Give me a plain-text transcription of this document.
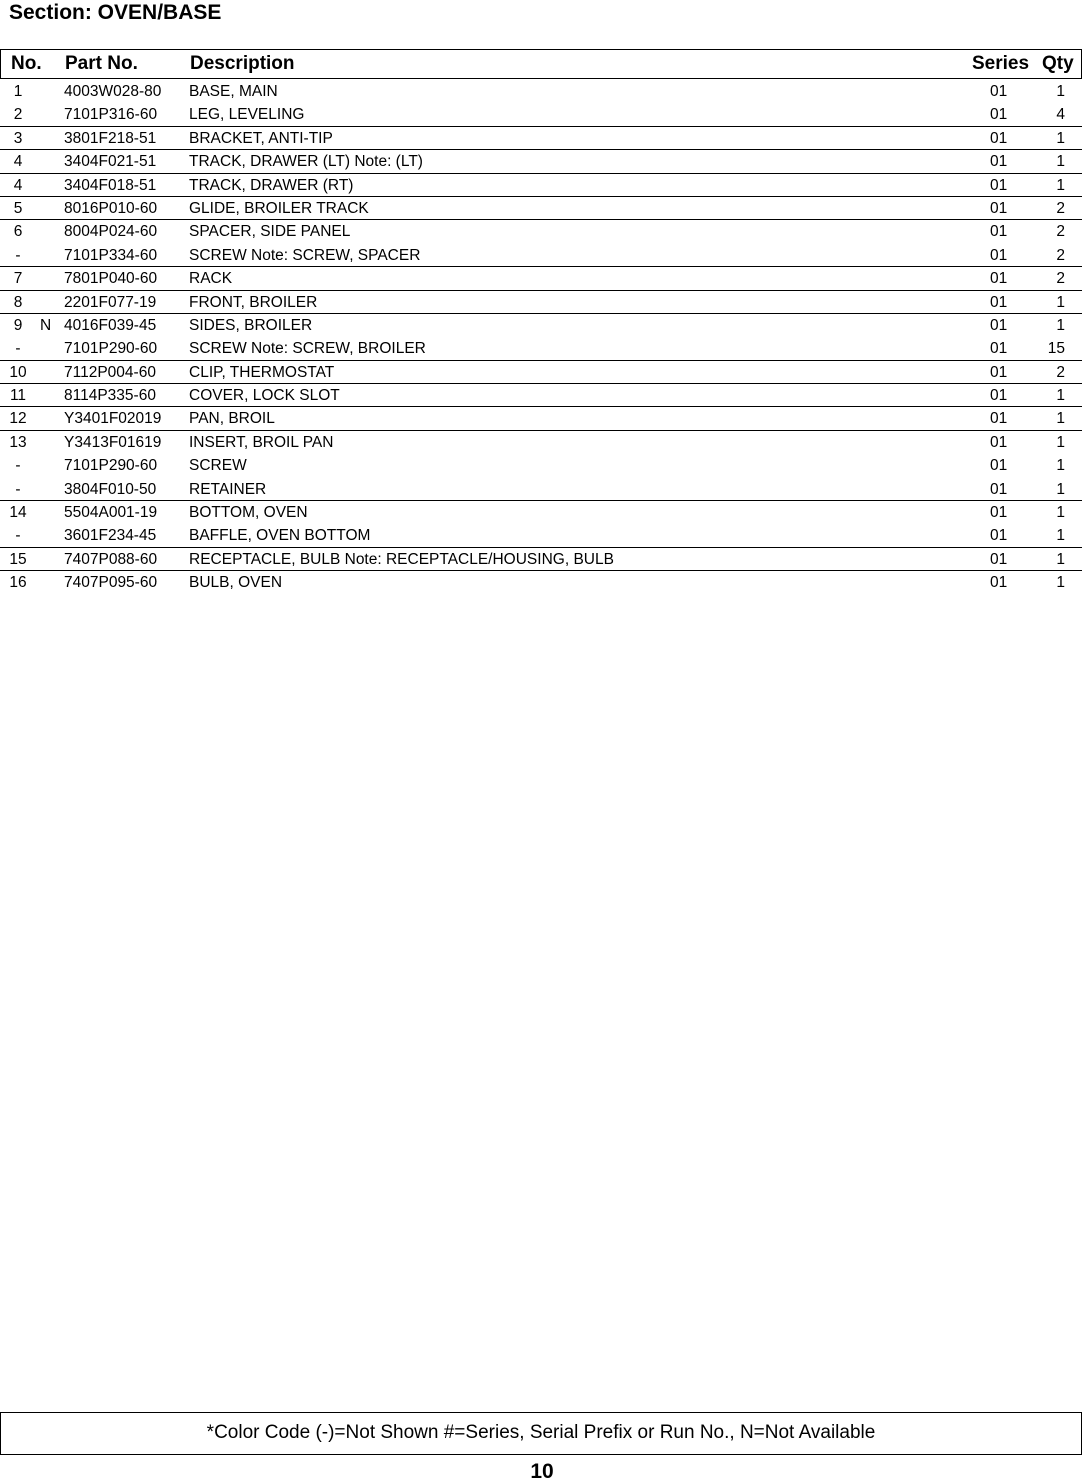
Section: OVEN/BASE
No. Part No.	Description	Series Qty
1	4003W028-80 BASE, MAIN	01	1
2	7101P316-60 LEG, LEVELING	01	4
3	3801F218-51 BRACKET, ANTI-TIP	01	1
4	3404F021-51 TRACK, DRAWER (LT) Note: (LT)	01	1
4	3404F018-51 TRACK, DRAWER (RT)	01	1
5	8016P010-60 GLIDE, BROILER TRACK	01	2
6	8004P024-60 SPACER, SIDE PANEL	01	2
-	7101P334-60 SCREW Note: SCREW, SPACER	01	2
7	7801P040-60 RACK	01	2
8	2201F077-19 FRONT, BROILER	01	1
9	N 4016F039-45 SIDES, BROILER	01	1
-	7101P290-60 SCREW Note: SCREW, BROILER	01	15
10	7112P004-60 CLIP, THERMOSTAT	01	2
11	8114P335-60 COVER, LOCK SLOT	01	1
12	Y3401F02019 PAN, BROIL	01	1
13	Y3413F01619 INSERT, BROIL PAN	01	1
-	7101P290-60 SCREW	01	1
-	3804F010-50 RETAINER	01	1
14	5504A001-19 BOTTOM, OVEN	01	1
-	3601F234-45 BAFFLE, OVEN BOTTOM	01	1
15	7407P088-60 RECEPTACLE, BULB Note: RECEPTACLE/HOUSING, BULB	01	1
16	7407P095-60 BULB, OVEN	01	1
*Color Code (-)=Not Shown #=Series, Serial Prefix or Run No., N=Not Available
10
